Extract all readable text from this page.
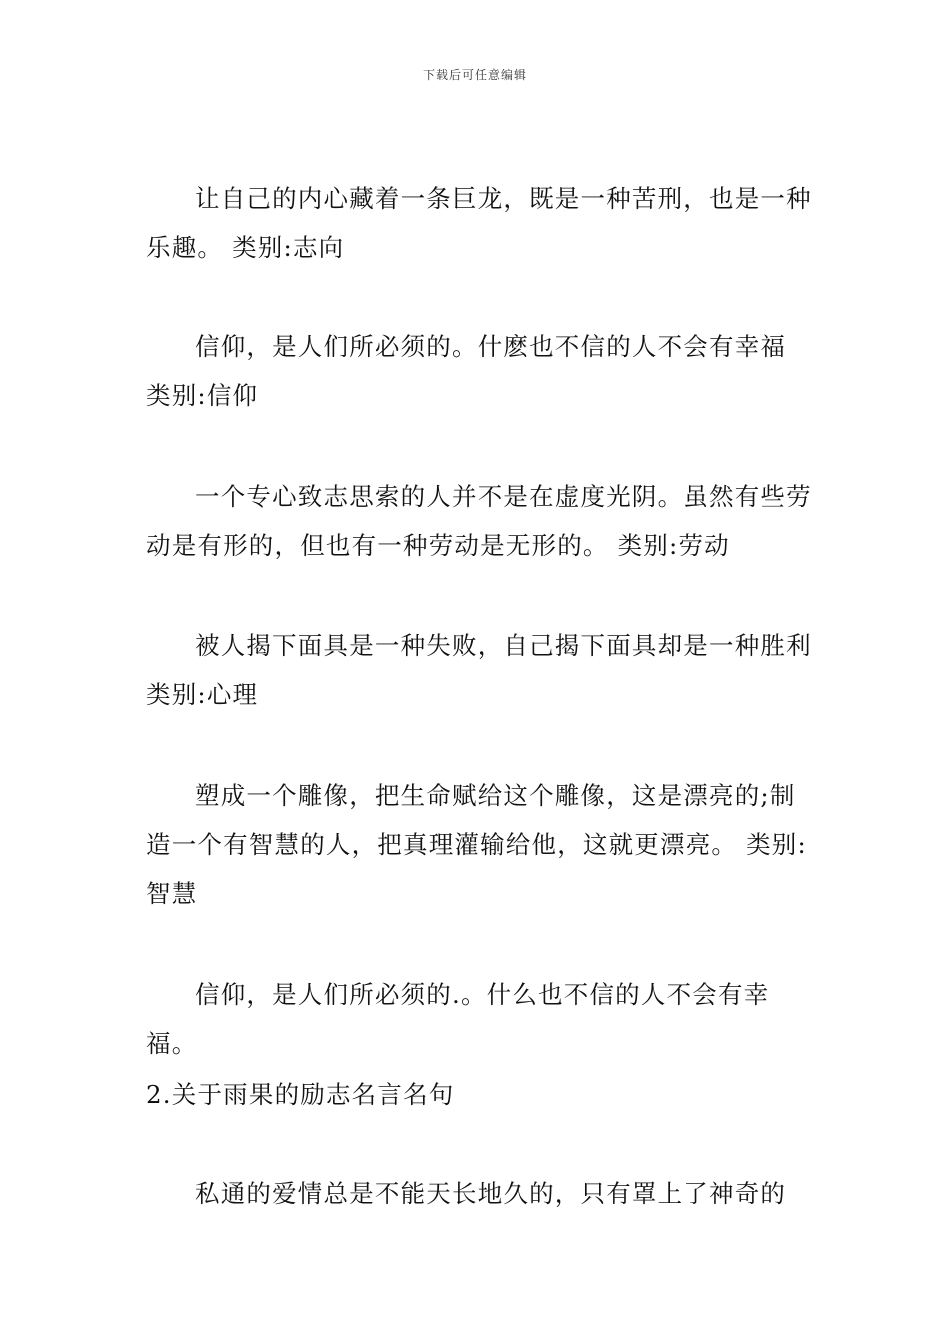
下载后可任意编辑

让自己的内心藏着一条巨龙，既是一种苦刑，也是一种乐趣。 类别:志向

信仰，是人们所必须的。什麽也不信的人不会有幸福 类别:信仰

一个专心致志思索的人并不是在虚度光阴。虽然有些劳动是有形的，但也有一种劳动是无形的。 类别:劳动

被人揭下面具是一种失败，自己揭下面具却是一种胜利 类别:心理

塑成一个雕像，把生命赋给这个雕像，这是漂亮的;制造一个有智慧的人，把真理灌输给他，这就更漂亮。 类别:智慧

信仰，是人们所必须的.。什么也不信的人不会有幸福。

2.关于雨果的励志名言名句

私通的爱情总是不能天长地久的，只有罩上了神奇的
